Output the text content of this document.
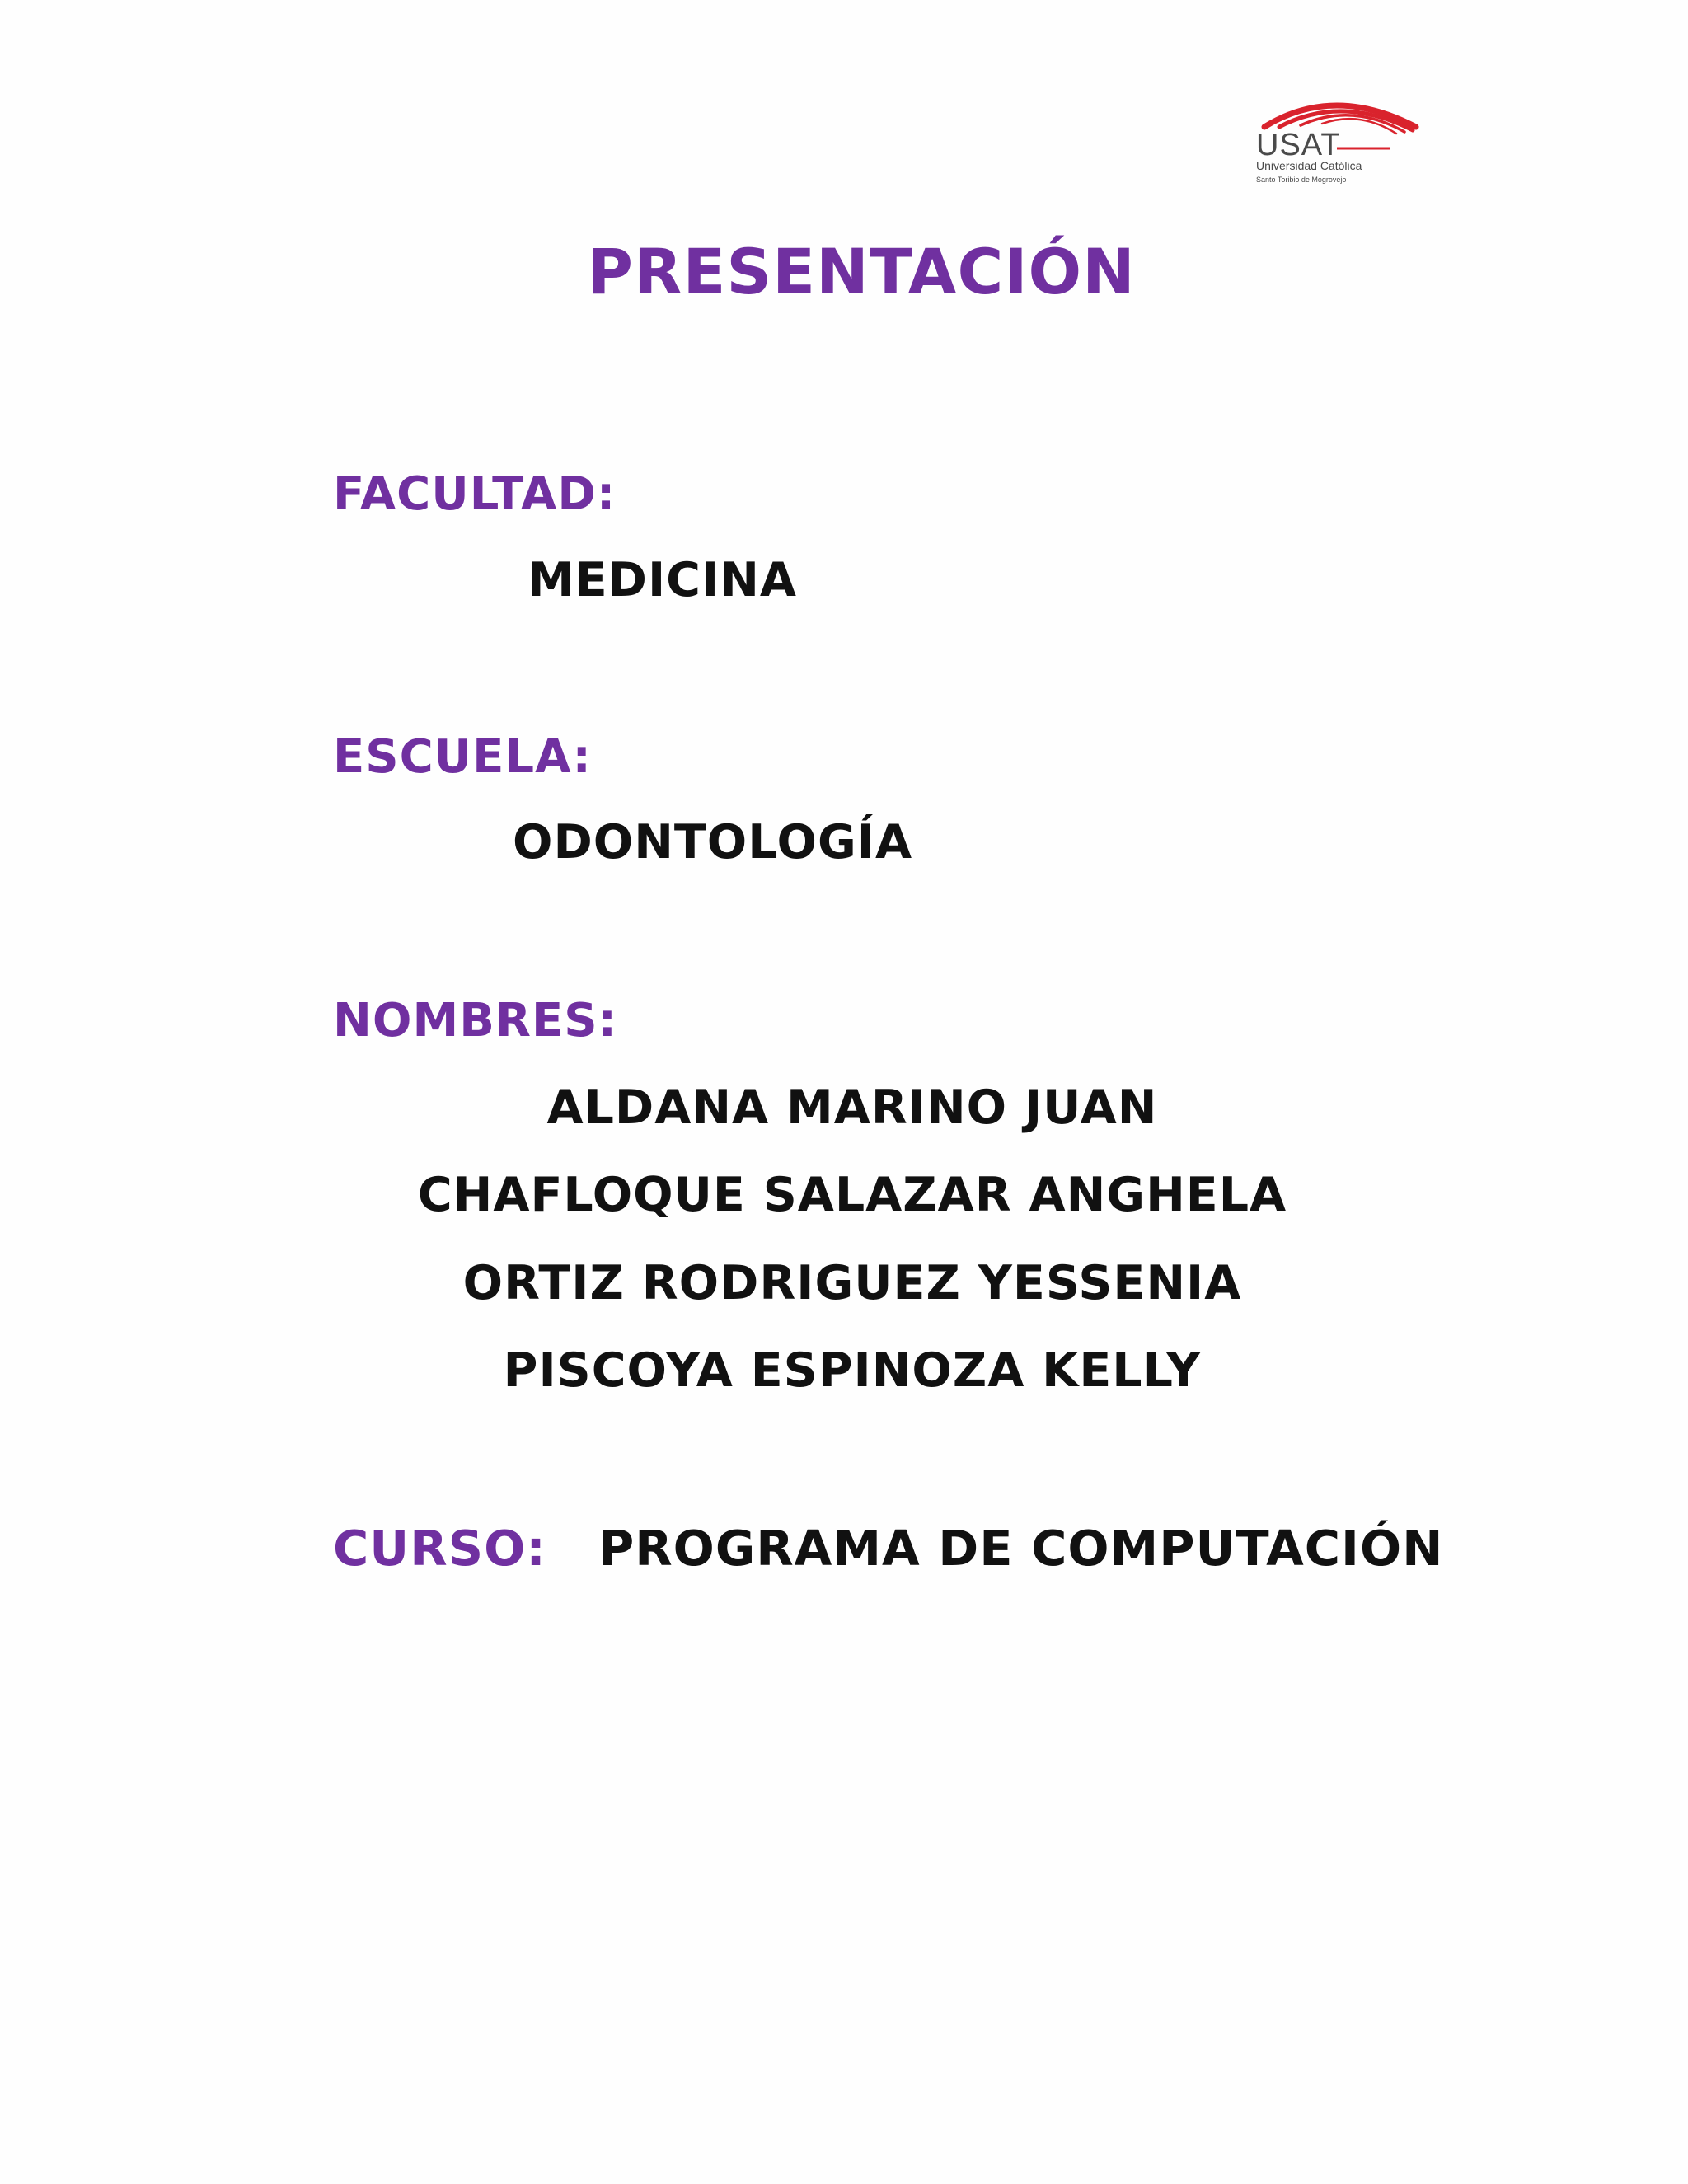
USAT
Universidad Católica
Santo Toribio de Mogrovejo
PRESENTACIÓN
FACULTAD:
MEDICINA
ESCUELA:
ODONTOLOGÍA
NOMBRES:
ALDANA MARINO JUAN
CHAFLOQUE SALAZAR ANGHELA
ORTIZ RODRIGUEZ YESSENIA
PISCOYA ESPINOZA KELLY
CURSO: PROGRAMA DE COMPUTACIÓN
